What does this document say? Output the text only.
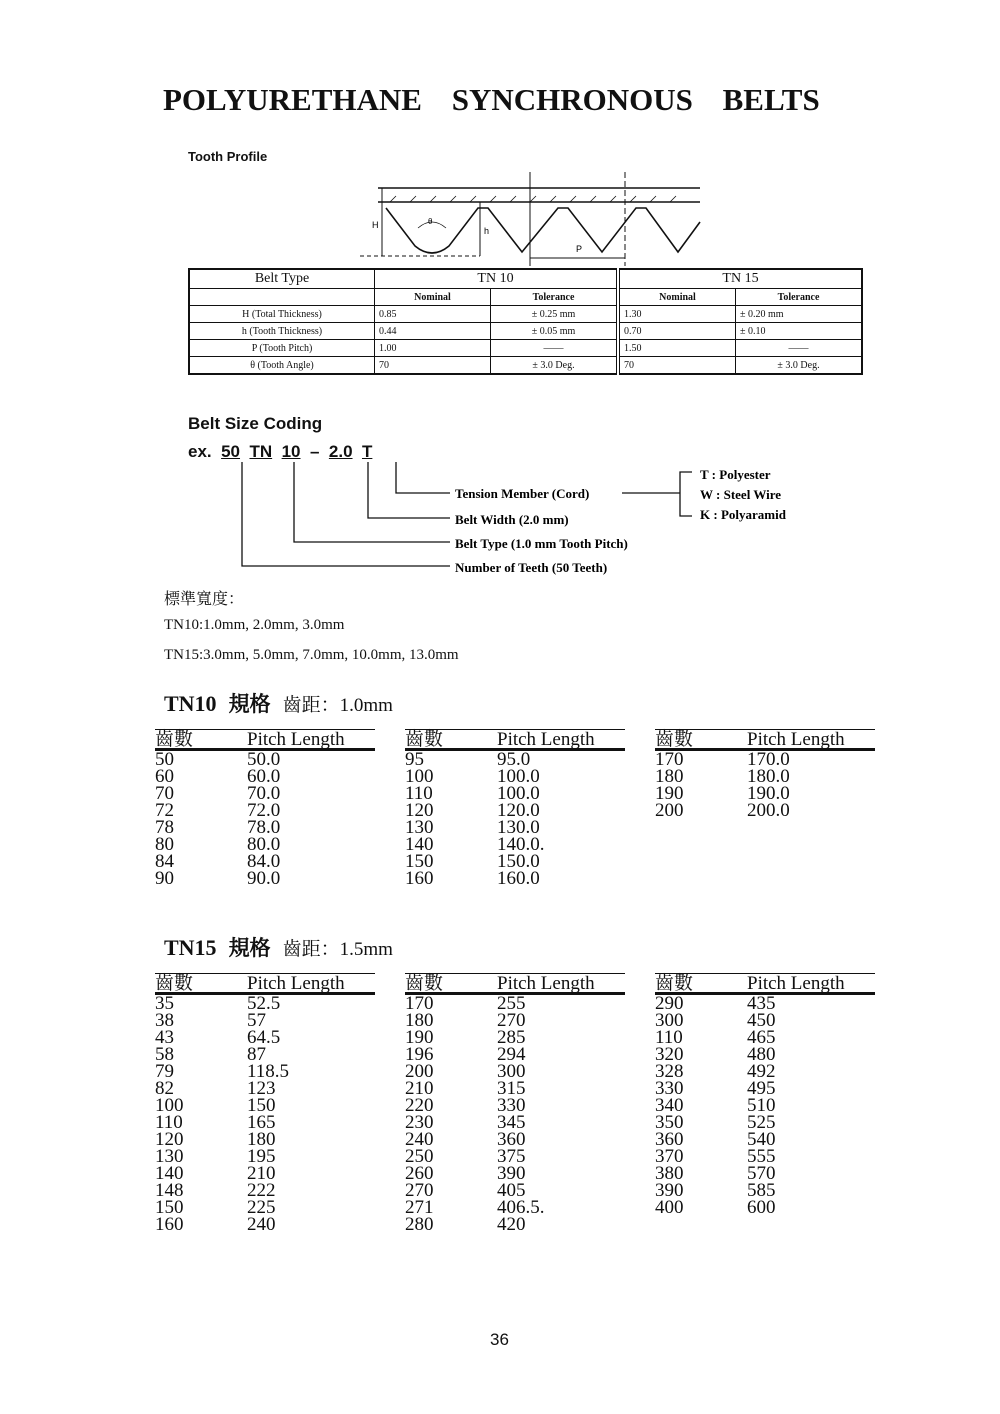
POLYURETHANE SYNCHRONOUS BELTS
Tooth Profile
H
h
P
θ
Belt Type	TN 10		TN 15	
	Nominal	Tolerance	Nominal	Tolerance
H (Total Thickness)	0.85	± 0.25 mm	1.30	± 0.20 mm
h (Tooth Thickness)	0.44	± 0.05 mm	0.70	± 0.10
P (Tooth Pitch)	1.00	——	1.50	——
θ (Tooth Angle)	70	± 3.0 Deg.	70	± 3.0 Deg.
Belt Size Coding
ex. 50 TN 10 – 2.0 T
Tension Member (Cord)
Belt Width (2.0 mm)
Belt Type (1.0 mm Tooth Pitch)
Number of Teeth (50 Teeth)
T : Polyester
W : Steel Wire
K : Polyaramid
標準寬度：
TN10:1.0mm, 2.0mm, 3.0mm
TN15:3.0mm, 5.0mm, 7.0mm, 10.0mm, 13.0mm
TN10 規格 齒距：1.0mm
齒數	Pitch Length
50	50.0
60	60.0
70	70.0
72	72.0
78	78.0
80	80.0
84	84.0
90	90.0
齒數	Pitch Length
95	95.0
100	100.0
110	100.0
120	120.0
130	130.0
140	140.0.
150	150.0
160	160.0
齒數	Pitch Length
170	170.0
180	180.0
190	190.0
200	200.0
TN15 規格 齒距：1.5mm
齒數	Pitch Length
35	52.5
38	57
43	64.5
58	87
79	118.5
82	123
100	150
110	165
120	180
130	195
140	210
148	222
150	225
160	240
齒數	Pitch Length
170	255
180	270
190	285
196	294
200	300
210	315
220	330
230	345
240	360
250	375
260	390
270	405
271	406.5.
280	420
齒數	Pitch Length
290	435
300	450
110	465
320	480
328	492
330	495
340	510
350	525
360	540
370	555
380	570
390	585
400	600
36
